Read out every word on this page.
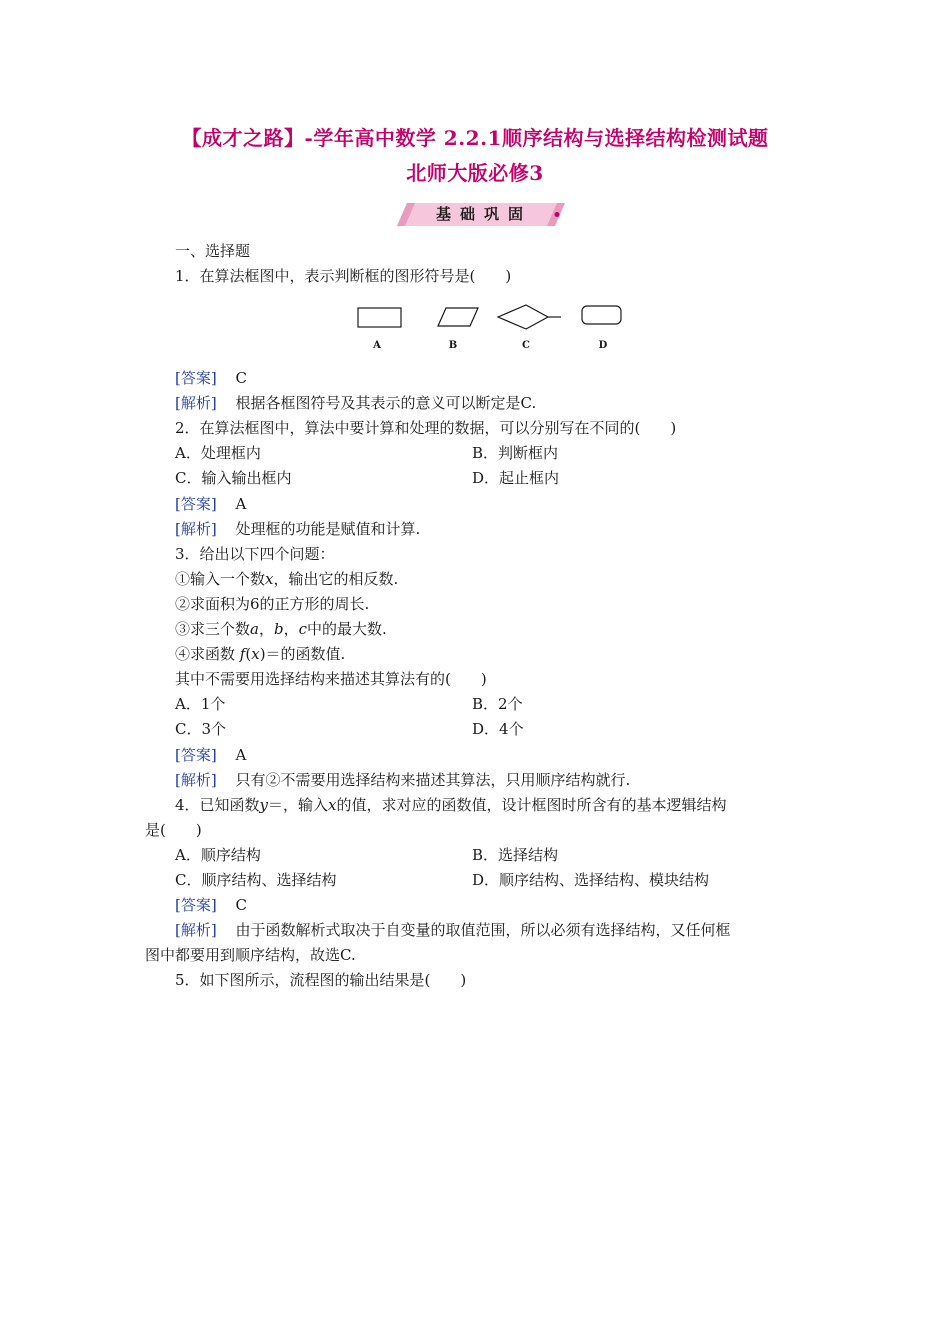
【成才之路】-学年高中数学 2.2.1顺序结构与选择结构检测试题
北师大版必修3
基础巩固
一、选择题
1．在算法框图中，表示判断框的图形符号是(　　)
A	B	C	D
[答案] C
[解析] 根据各框图符号及其表示的意义可以断定是C.
2．在算法框图中，算法中要计算和处理的数据，可以分别写在不同的(　　)
A．处理框内	B．判断框内
C．输入输出框内	D．起止框内
[答案] A
[解析] 处理框的功能是赋值和计算.
3．给出以下四个问题：
①输入一个数x，输出它的相反数.
②求面积为6的正方形的周长.
③求三个数a，b，c中的最大数.
④求函数 f(x)＝的函数值.
其中不需要用选择结构来描述其算法有的(　　)
A．1个	B．2个
C．3个	D．4个
[答案] A
[解析] 只有②不需要用选择结构来描述其算法，只用顺序结构就行.
4．已知函数y＝，输入x的值，求对应的函数值，设计框图时所含有的基本逻辑结构
是(　　)
A．顺序结构	B．选择结构
C．顺序结构、选择结构	D．顺序结构、选择结构、模块结构
[答案] C
[解析] 由于函数解析式取决于自变量的取值范围，所以必须有选择结构，又任何框
图中都要用到顺序结构，故选C.
5．如下图所示，流程图的输出结果是(　　)
